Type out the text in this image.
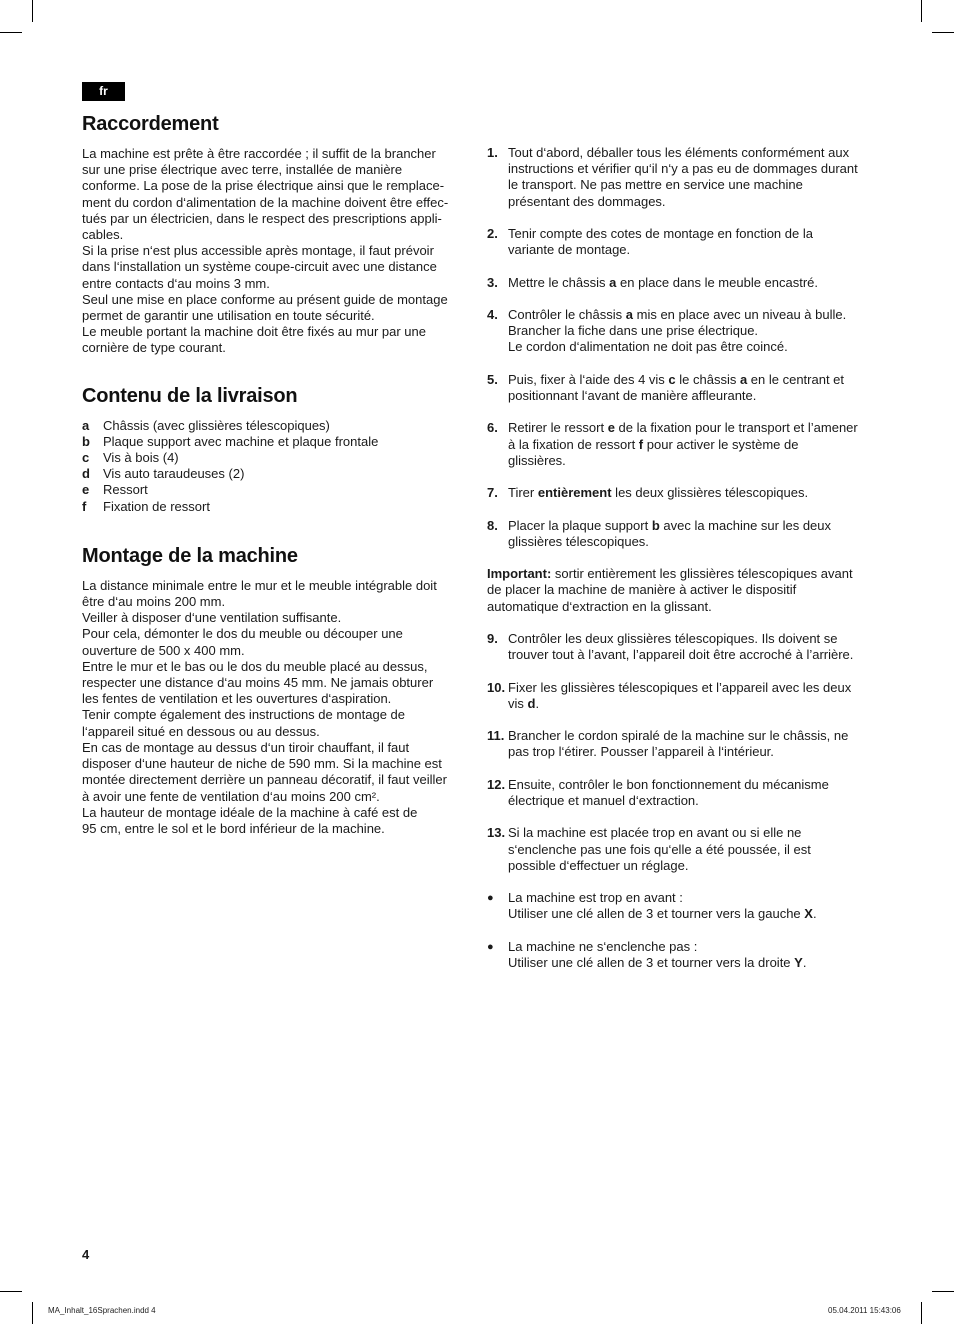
fr
Raccordement
La machine est prête à être raccordée ; il suffit de la brancher
sur une prise électrique avec terre, installée de manière
conforme. La pose de la prise électrique ainsi que le remplace-
ment du cordon d‘alimentation de la machine doivent être effec-
tués par un électricien, dans le respect des prescriptions appli-
cables.
Si la prise n‘est plus accessible après montage, il faut prévoir
dans l‘installation un système coupe-circuit avec une distance
entre contacts d‘au moins 3 mm.
Seul une mise en place conforme au présent guide de montage
permet de garantir une utilisation en toute sécurité.
Le meuble portant la machine doit être fixés au mur par une
cornière de type courant.
Contenu de la livraison
a	Châssis (avec glissières télescopiques)
b	Plaque support avec machine et plaque frontale
c	Vis à bois (4)
d	Vis auto taraudeuses (2)
e	Ressort
f	Fixation de ressort
Montage de la machine
La distance minimale entre le mur et le meuble intégrable doit
être d‘au moins 200 mm.
Veiller à disposer d‘une ventilation suffisante.
Pour cela, démonter le dos du meuble ou découper une
ouverture de 500 x 400 mm.
Entre le mur et le bas ou le dos du meuble placé au dessus,
respecter une distance d‘au moins 45 mm. Ne jamais obturer
les fentes de ventilation et les ouvertures d‘aspiration.
Tenir compte également des instructions de montage de
l‘appareil situé en dessous ou au dessus.
En cas de montage au dessus d‘un tiroir chauffant, il faut
disposer d‘une hauteur de niche de 590 mm. Si la machine est
montée directement derrière un panneau décoratif, il faut veiller
à avoir une fente de ventilation d‘au moins 200 cm².
La hauteur de montage idéale de la machine à café est de
95 cm, entre le sol et le bord inférieur de la machine.
1. Tout d‘abord, déballer tous les éléments conformément aux
instructions et vérifier qu‘il n‘y a pas eu de dommages durant
le transport. Ne pas mettre en service une machine
présentant des dommages.
2. Tenir compte des cotes de montage en fonction de la
variante de montage.
3. Mettre le châssis a en place dans le meuble encastré.
4. Contrôler le châssis a mis en place avec un niveau à bulle.
Brancher la fiche dans une prise électrique.
Le cordon d‘alimentation ne doit pas être coincé.
5. Puis, fixer à l‘aide des 4 vis c le châssis a en le centrant et
positionnant l‘avant de manière affleurante.
6. Retirer le ressort e de la fixation pour le transport et l’amener
à la fixation de ressort f pour activer le système de
glissières.
7. Tirer entièrement les deux glissières télescopiques.
8. Placer la plaque support b avec la machine sur les deux
glissières télescopiques.

Important: sortir entièrement les glissières télescopiques avant
de placer la machine de manière à activer le dispositif
automatique d‘extraction en la glissant.

9. Contrôler les deux glissières télescopiques. Ils doivent se
trouver tout à l’avant, l’appareil doit être accroché à l’arrière.
10. Fixer les glissières télescopiques et l’appareil avec les deux
vis d.
11. Brancher le cordon spiralé de la machine sur le châssis, ne
pas trop l‘étirer. Pousser l’appareil à l‘intérieur.
12. Ensuite, contrôler le bon fonctionnement du mécanisme
électrique et manuel d‘extraction.
13. Si la machine est placée trop en avant ou si elle ne
s‘enclenche pas une fois qu‘elle a été poussée, il est
possible d‘effectuer un réglage.
●	La machine est trop en avant :
Utiliser une clé allen de 3 et tourner vers la gauche X.
●	La machine ne s‘enclenche pas :
Utiliser une clé allen de 3 et tourner vers la droite Y.
4
MA_Inhalt_16Sprachen.indd 4	05.04.2011 15:43:06
